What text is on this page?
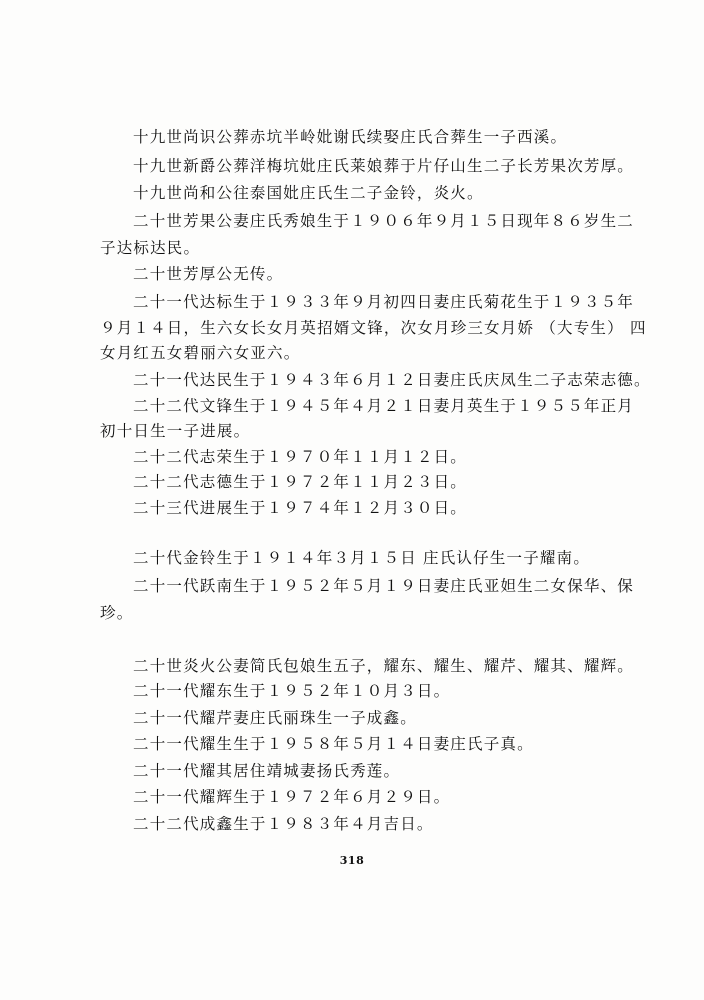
十九世尚识公葬赤坑半岭妣谢氏续娶庄氏合葬生一子西溪。
十九世新爵公葬洋梅坑妣庄氏莱娘葬于片仔山生二子长芳果次芳厚。
十九世尚和公往泰国妣庄氏生二子金铃，炎火。
二十世芳果公妻庄氏秀娘生于１９０６年９月１５日现年８６岁生二
子达标达民。
二十世芳厚公无传。
二十一代达标生于１９３３年９月初四日妻庄氏菊花生于１９３５年
９月１４日，生六女长女月英招婿文锋，次女月珍三女月娇 （大专生） 四
女月红五女碧丽六女亚六。
二十一代达民生于１９４３年６月１２日妻庄氏庆凤生二子志荣志德。
二十二代文锋生于１９４５年４月２１日妻月英生于１９５５年正月
初十日生一子进展。
二十二代志荣生于１９７０年１１月１２日。
二十二代志德生于１９７２年１１月２３日。
二十三代进展生于１９７４年１２月３０日。
二十代金铃生于１９１４年３月１５日 庄氏认仔生一子耀南。
二十一代跃南生于１９５２年５月１９日妻庄氏亚妲生二女保华、保
珍。
二十世炎火公妻简氏包娘生五子，耀东、耀生、耀芹、耀其、耀辉。
二十一代耀东生于１９５２年１０月３日。
二十一代耀芹妻庄氏丽珠生一子成鑫。
二十一代耀生生于１９５８年５月１４日妻庄氏子真。
二十一代耀其居住靖城妻扬氏秀莲。
二十一代耀辉生于１９７２年６月２９日。
二十二代成鑫生于１９８３年４月吉日。
318
